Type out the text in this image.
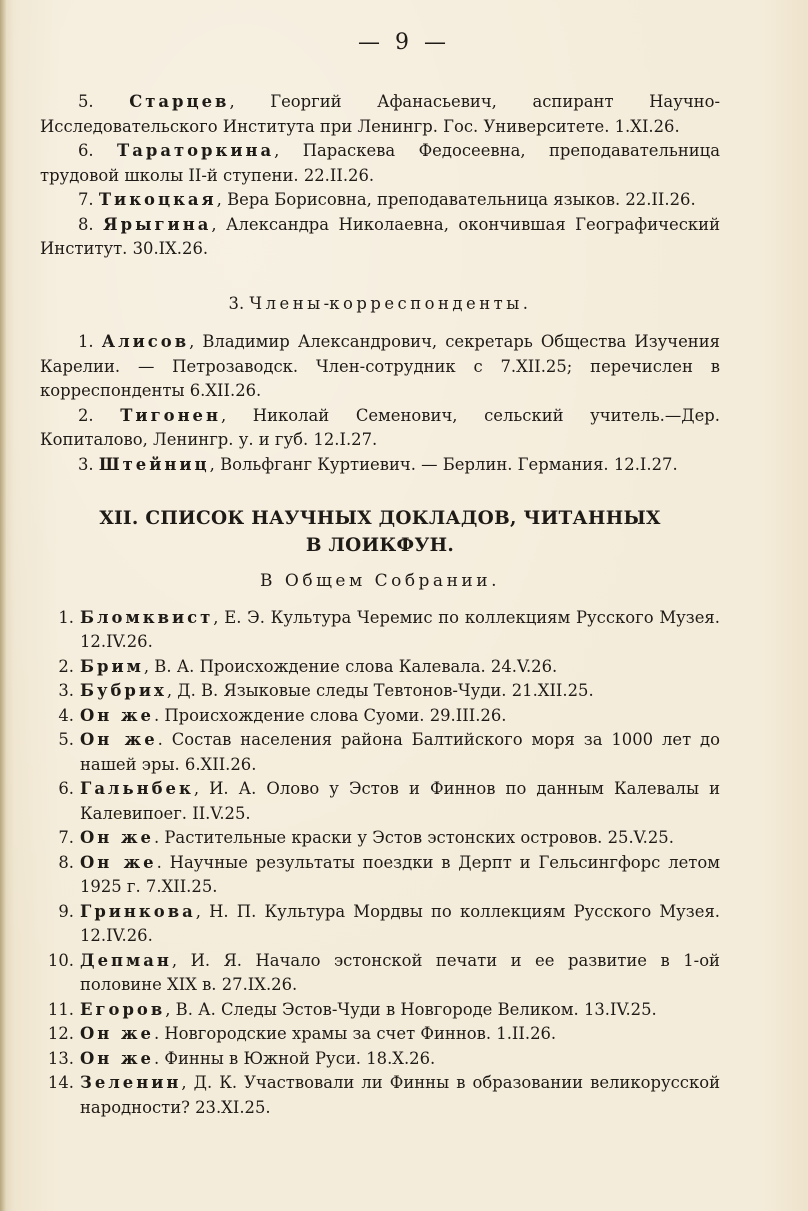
— 9 —

5. Старцев, Георгий Афанасьевич, аспирант Научно-Исследовательского Института при Ленингр. Гос. Университете. 1.XI.26.

6. Тараторкина, Параскева Федосеевна, преподавательница трудовой школы II-й ступени. 22.II.26.

7. Тикоцкая, Вера Борисовна, преподавательница языков. 22.II.26.

8. Ярыгина, Александра Николаевна, окончившая Географический Институт. 30.IX.26.

3. Члены-корреспонденты.

1. Алисов, Владимир Александрович, секретарь Общества Изучения Карелии. — Петрозаводск. Член-сотрудник с 7.XII.25; перечислен в корреспонденты 6.XII.26.

2. Тигонен, Николай Семенович, сельский учитель.—Дер. Копиталово, Ленингр. у. и губ. 12.I.27.

3. Штейниц, Вольфганг Куртиевич. — Берлин. Германия. 12.I.27.

XII. СПИСОК НАУЧНЫХ ДОКЛАДОВ, ЧИТАННЫХ
В ЛОИКФУН.
В Общем Собрании.

1. Бломквист, Е. Э. Культура Черемис по коллекциям Русского Музея. 12.IV.26.

2. Брим, В. А. Происхождение слова Калевала. 24.V.26.

3. Бубрих, Д. В. Языковые следы Тевтонов-Чуди. 21.XII.25.

4. Он же. Происхождение слова Суоми. 29.III.26.

5. Он же. Состав населения района Балтийского моря за 1000 лет до нашей эры. 6.XII.26.

6. Гальнбек, И. А. Олово у Эстов и Финнов по данным Калевалы и Калевипоег. II.V.25.

7. Он же. Растительные краски у Эстов эстонских островов. 25.V.25.

8. Он же. Научные результаты поездки в Дерпт и Гельсингфорс летом 1925 г. 7.XII.25.

9. Гринкова, Н. П. Культура Мордвы по коллекциям Русского Музея. 12.IV.26.

10. Депман, И. Я. Начало эстонской печати и ее развитие в 1-ой половине XIX в. 27.IX.26.

11. Егоров, В. А. Следы Эстов-Чуди в Новгороде Великом. 13.IV.25.

12. Он же. Новгородские храмы за счет Финнов. 1.II.26.

13. Он же. Финны в Южной Руси. 18.X.26.

14. Зеленин, Д. К. Участвовали ли Финны в образовании великорусской народности? 23.XI.25.
